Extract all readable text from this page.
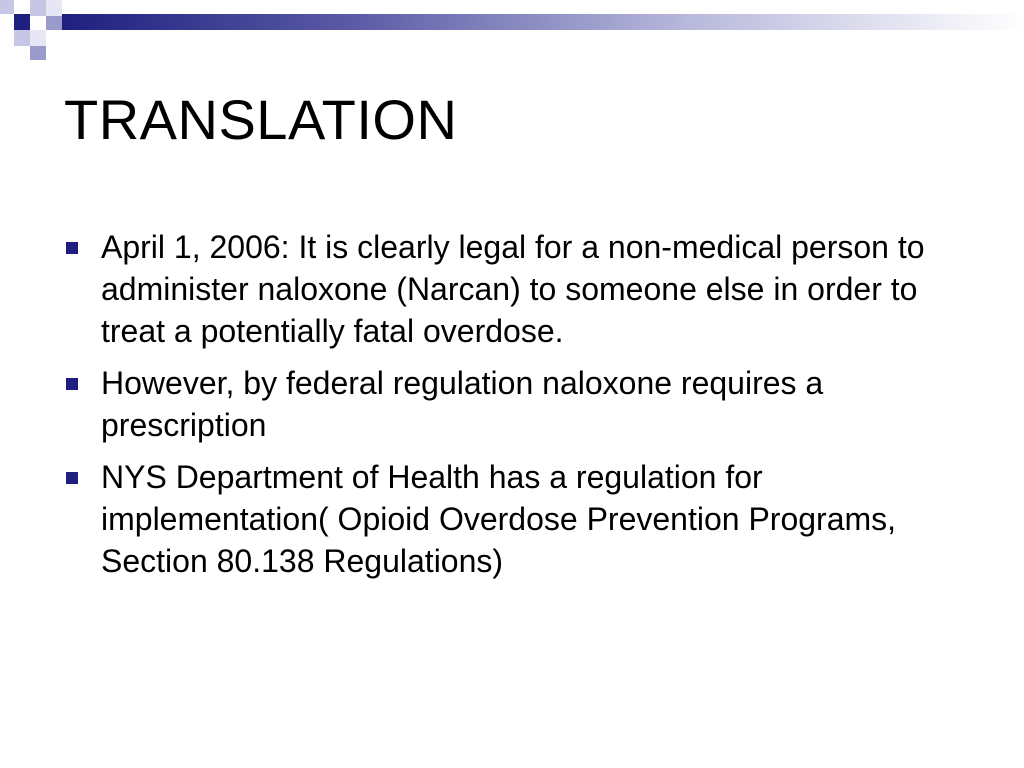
TRANSLATION
April 1, 2006: It is clearly legal for a non-medical person to administer naloxone (Narcan) to someone else in order to treat a potentially fatal overdose.
However, by federal regulation naloxone requires a prescription
NYS Department of Health has a regulation for implementation( Opioid Overdose Prevention Programs, Section 80.138 Regulations)
